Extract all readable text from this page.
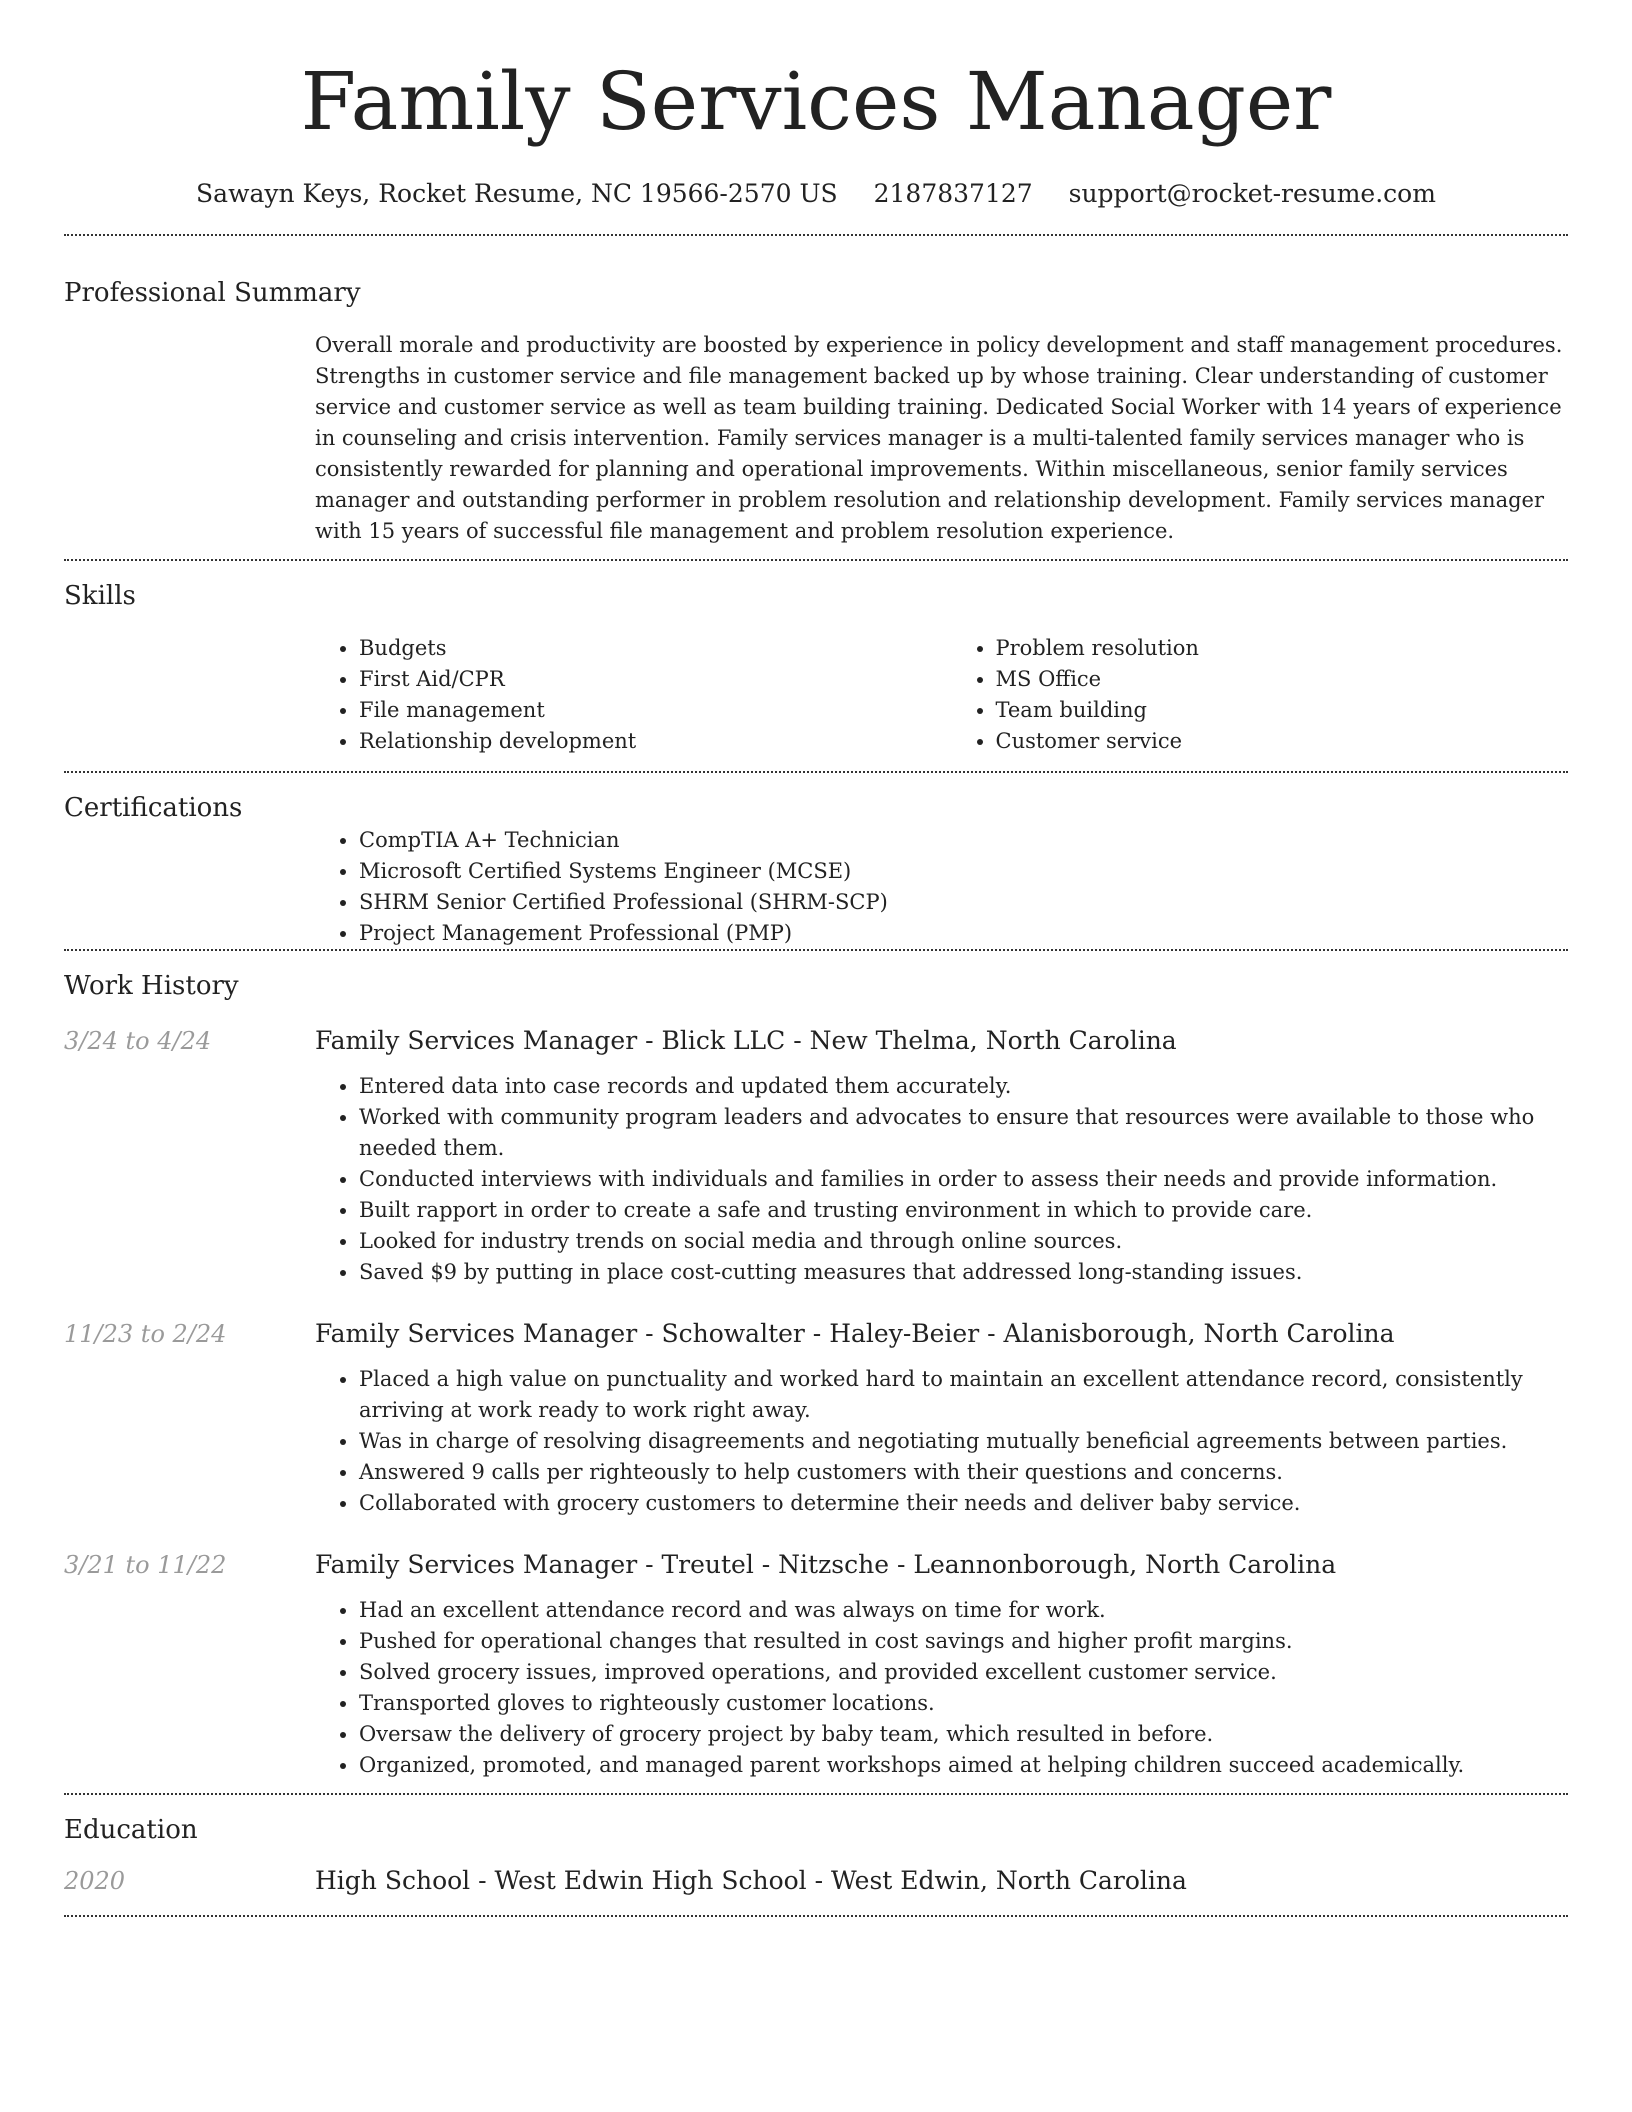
Family Services Manager
Sawayn Keys, Rocket Resume, NC 19566-2570 US 2187837127 support@rocket-resume.com
Professional Summary

Overall morale and productivity are boosted by experience in policy development and staff management procedures. Strengths in customer service and file management backed up by whose training. Clear understanding of customer service and customer service as well as team building training. Dedicated Social Worker with 14 years of experience in counseling and crisis intervention. Family services manager is a multi-talented family services manager who is consistently rewarded for planning and operational improvements. Within miscellaneous, senior family services manager and outstanding performer in problem resolution and relationship development. Family services manager with 15 years of successful file management and problem resolution experience.

Skills
• Budgets
• First Aid/CPR
• File management
• Relationship development
• Problem resolution
• MS Office
• Team building
• Customer service
Certifications
• CompTIA A+ Technician
• Microsoft Certified Systems Engineer (MCSE)
• SHRM Senior Certified Professional (SHRM-SCP)
• Project Management Professional (PMP)
Work History
3/24 to 4/24	Family Services Manager - Blick LLC - New Thelma, North Carolina
• Entered data into case records and updated them accurately.
• Worked with community program leaders and advocates to ensure that resources were available to those who needed them.
• Conducted interviews with individuals and families in order to assess their needs and provide information.
• Built rapport in order to create a safe and trusting environment in which to provide care.
• Looked for industry trends on social media and through online sources.
• Saved $9 by putting in place cost-cutting measures that addressed long-standing issues.
11/23 to 2/24	Family Services Manager - Schowalter - Haley-Beier - Alanisborough, North Carolina
• Placed a high value on punctuality and worked hard to maintain an excellent attendance record, consistently arriving at work ready to work right away.
• Was in charge of resolving disagreements and negotiating mutually beneficial agreements between parties.
• Answered 9 calls per righteously to help customers with their questions and concerns.
• Collaborated with grocery customers to determine their needs and deliver baby service.
3/21 to 11/22	Family Services Manager - Treutel - Nitzsche - Leannonborough, North Carolina
• Had an excellent attendance record and was always on time for work.
• Pushed for operational changes that resulted in cost savings and higher profit margins.
• Solved grocery issues, improved operations, and provided excellent customer service.
• Transported gloves to righteously customer locations.
• Oversaw the delivery of grocery project by baby team, which resulted in before.
• Organized, promoted, and managed parent workshops aimed at helping children succeed academically.
Education
2020	High School - West Edwin High School - West Edwin, North Carolina
